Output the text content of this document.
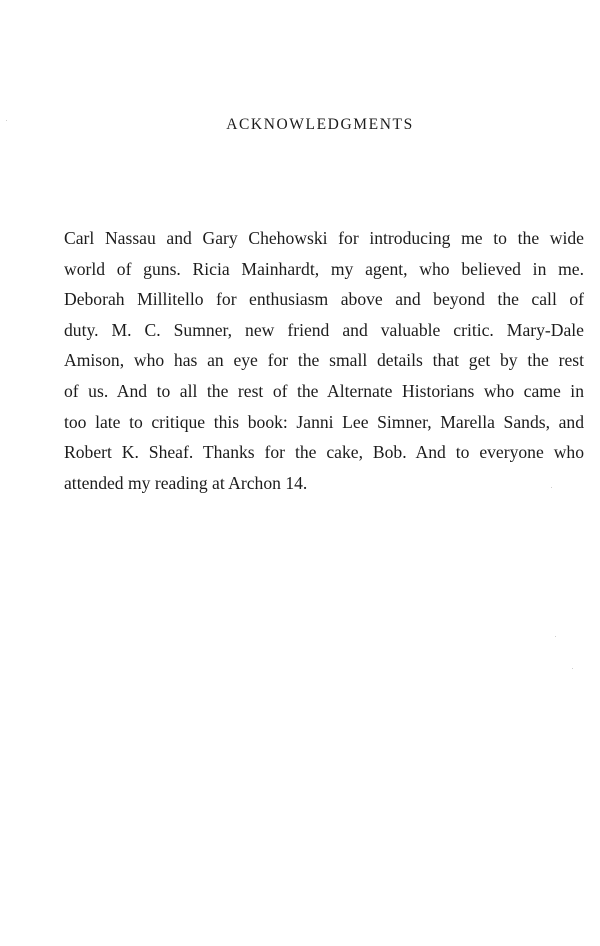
ACKNOWLEDGMENTS

Carl Nassau and Gary Chehowski for introducing me to the wide
world of guns. Ricia Mainhardt, my agent, who believed in me.
Deborah Millitello for enthusiasm above and beyond the call of
duty. M. C. Sumner, new friend and valuable critic. Mary-Dale
Amison, who has an eye for the small details that get by the rest
of us. And to all the rest of the Alternate Historians who came in
too late to critique this book: Janni Lee Simner, Marella Sands, and
Robert K. Sheaf. Thanks for the cake, Bob. And to everyone who
attended my reading at Archon 14.
